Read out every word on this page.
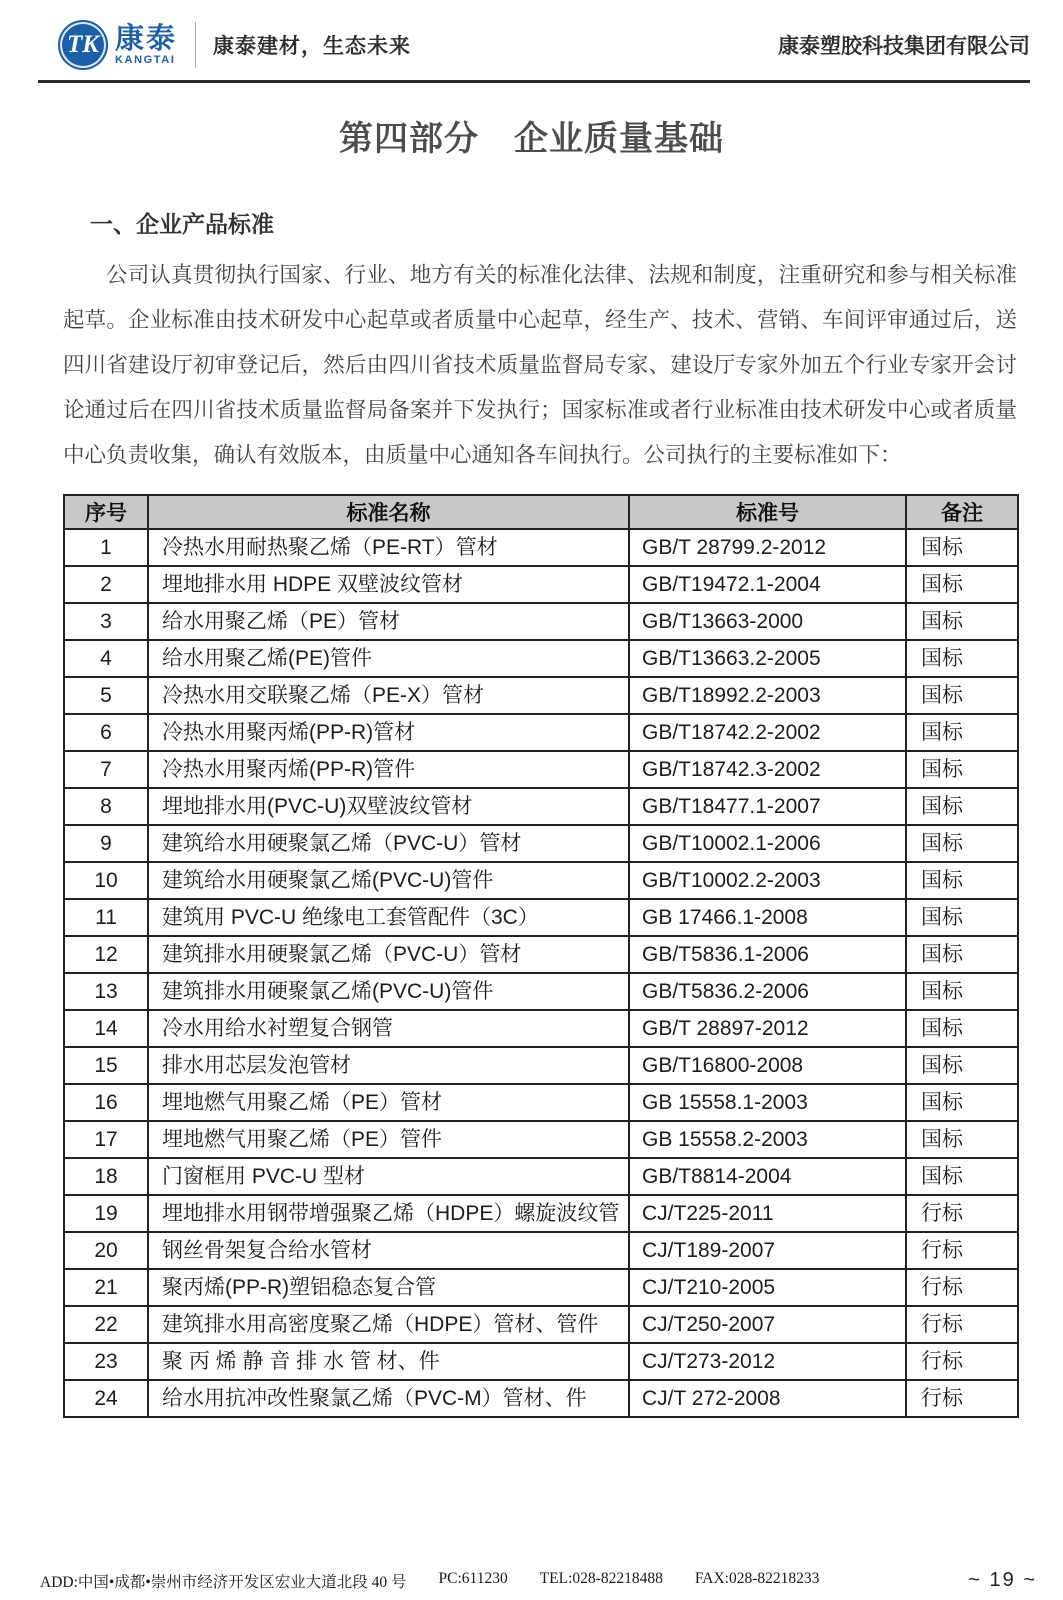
TK 康泰
KANGTAI
康泰建材，生态未来	康泰塑胶科技集团有限公司
第四部分　企业质量基础
一、企业产品标准

公司认真贯彻执行国家、行业、地方有关的标准化法律、法规和制度，注重研究和参与相关标准起草。企业标准由技术研发中心起草或者质量中心起草，经生产、技术、营销、车间评审通过后，送四川省建设厅初审登记后，然后由四川省技术质量监督局专家、建设厅专家外加五个行业专家开会讨论通过后在四川省技术质量监督局备案并下发执行；国家标准或者行业标准由技术研发中心或者质量中心负责收集，确认有效版本，由质量中心通知各车间执行。公司执行的主要标准如下：

序号	标准名称	标准号	备注
1	冷热水用耐热聚乙烯（PE-RT）管材	GB/T 28799.2-2012	国标
2	埋地排水用 HDPE 双壁波纹管材	GB/T19472.1-2004	国标
3	给水用聚乙烯（PE）管材	GB/T13663-2000	国标
4	给水用聚乙烯(PE)管件	GB/T13663.2-2005	国标
5	冷热水用交联聚乙烯（PE-X）管材	GB/T18992.2-2003	国标
6	冷热水用聚丙烯(PP-R)管材	GB/T18742.2-2002	国标
7	冷热水用聚丙烯(PP-R)管件	GB/T18742.3-2002	国标
8	埋地排水用(PVC-U)双壁波纹管材	GB/T18477.1-2007	国标
9	建筑给水用硬聚氯乙烯（PVC-U）管材	GB/T10002.1-2006	国标
10	建筑给水用硬聚氯乙烯(PVC-U)管件	GB/T10002.2-2003	国标
11	建筑用 PVC-U 绝缘电工套管配件（3C）	GB 17466.1-2008	国标
12	建筑排水用硬聚氯乙烯（PVC-U）管材	GB/T5836.1-2006	国标
13	建筑排水用硬聚氯乙烯(PVC-U)管件	GB/T5836.2-2006	国标
14	冷水用给水衬塑复合钢管	GB/T 28897-2012	国标
15	排水用芯层发泡管材	GB/T16800-2008	国标
16	埋地燃气用聚乙烯（PE）管材	GB 15558.1-2003	国标
17	埋地燃气用聚乙烯（PE）管件	GB 15558.2-2003	国标
18	门窗框用 PVC-U 型材	GB/T8814-2004	国标
19	埋地排水用钢带增强聚乙烯（HDPE）螺旋波纹管	CJ/T225-2011	行标
20	钢丝骨架复合给水管材	CJ/T189-2007	行标
21	聚丙烯(PP-R)塑铝稳态复合管	CJ/T210-2005	行标
22	建筑排水用高密度聚乙烯（HDPE）管材、管件	CJ/T250-2007	行标
23	聚 丙 烯 静 音 排 水 管 材、件	CJ/T273-2012	行标
24	给水用抗冲改性聚氯乙烯（PVC-M）管材、件	CJ/T 272-2008	行标
ADD:中国•成都•崇州市经济开发区宏业大道北段 40 号 PC:611230 TEL:028-82218488 FAX:028-82218233	~ 19 ~
